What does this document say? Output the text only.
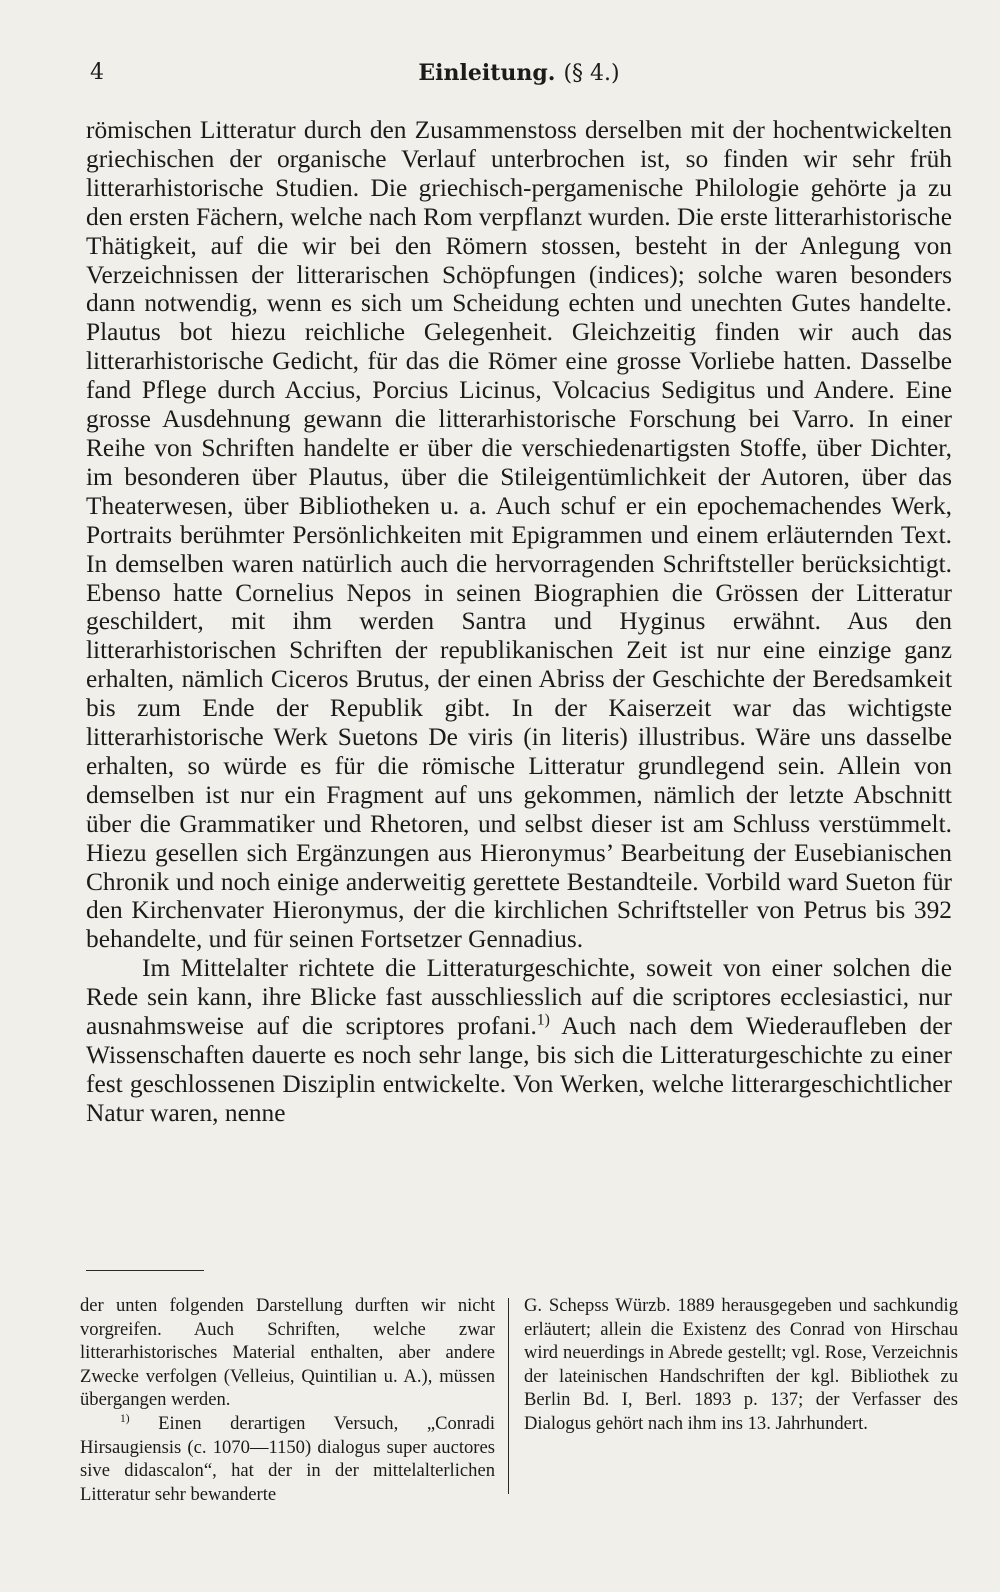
4	Einleitung. (§ 4.)

römischen Litteratur durch den Zusammenstoss derselben mit der hochentwickelten griechischen der organische Verlauf unterbrochen ist, so finden wir sehr früh litterarhistorische Studien. Die griechisch-pergamenische Philologie gehörte ja zu den ersten Fächern, welche nach Rom verpflanzt wurden. Die erste litterarhistorische Thätigkeit, auf die wir bei den Römern stossen, besteht in der Anlegung von Verzeichnissen der litterarischen Schöpfungen (indices); solche waren besonders dann notwendig, wenn es sich um Scheidung echten und unechten Gutes handelte. Plautus bot hiezu reichliche Gelegenheit. Gleichzeitig finden wir auch das litterarhistorische Gedicht, für das die Römer eine grosse Vorliebe hatten. Dasselbe fand Pflege durch Accius, Porcius Licinus, Volcacius Sedigitus und Andere. Eine grosse Ausdehnung gewann die litterarhistorische Forschung bei Varro. In einer Reihe von Schriften handelte er über die verschiedenartigsten Stoffe, über Dichter, im besonderen über Plautus, über die Stileigentümlichkeit der Autoren, über das Theaterwesen, über Bibliotheken u. a. Auch schuf er ein epochemachendes Werk, Portraits berühmter Persönlichkeiten mit Epigrammen und einem erläuternden Text. In demselben waren natürlich auch die hervorragenden Schriftsteller berücksichtigt. Ebenso hatte Cornelius Nepos in seinen Biographien die Grössen der Litteratur geschildert, mit ihm werden Santra und Hyginus erwähnt. Aus den litterarhistorischen Schriften der republikanischen Zeit ist nur eine einzige ganz erhalten, nämlich Ciceros Brutus, der einen Abriss der Geschichte der Beredsamkeit bis zum Ende der Republik gibt. In der Kaiserzeit war das wichtigste litterarhistorische Werk Suetons De viris (in literis) illustribus. Wäre uns dasselbe erhalten, so würde es für die römische Litteratur grundlegend sein. Allein von demselben ist nur ein Fragment auf uns gekommen, nämlich der letzte Abschnitt über die Grammatiker und Rhetoren, und selbst dieser ist am Schluss verstümmelt. Hiezu gesellen sich Ergänzungen aus Hieronymus’ Bearbeitung der Eusebianischen Chronik und noch einige anderweitig gerettete Bestandteile. Vorbild ward Sueton für den Kirchenvater Hieronymus, der die kirchlichen Schriftsteller von Petrus bis 392 behandelte, und für seinen Fortsetzer Gennadius.

Im Mittelalter richtete die Litteraturgeschichte, soweit von einer solchen die Rede sein kann, ihre Blicke fast ausschliesslich auf die scriptores ecclesiastici, nur ausnahmsweise auf die scriptores profani.$^{1)}$ Auch nach dem Wiederaufleben der Wissenschaften dauerte es noch sehr lange, bis sich die Litteraturgeschichte zu einer fest geschlossenen Disziplin entwickelte. Von Werken, welche litterargeschichtlicher Natur waren, nenne

der unten folgenden Darstellung durften wir nicht vorgreifen. Auch Schriften, welche zwar litterarhistorisches Material enthalten, aber andere Zwecke verfolgen (Velleius, Quintilian u. A.), müssen übergangen werden.

$^{1)}$ Einen derartigen Versuch, „Conradi Hirsaugiensis (c. 1070—1150) dialogus super auctores sive didascalon“, hat der in der mittelalterlichen Litteratur sehr bewanderte

G. Schepss Würzb. 1889 herausgegeben und sachkundig erläutert; allein die Existenz des Conrad von Hirschau wird neuerdings in Abrede gestellt; vgl. Rose, Verzeichnis der lateinischen Handschriften der kgl. Bibliothek zu Berlin Bd. I, Berl. 1893 p. 137; der Verfasser des Dialogus gehört nach ihm ins 13. Jahrhundert.
